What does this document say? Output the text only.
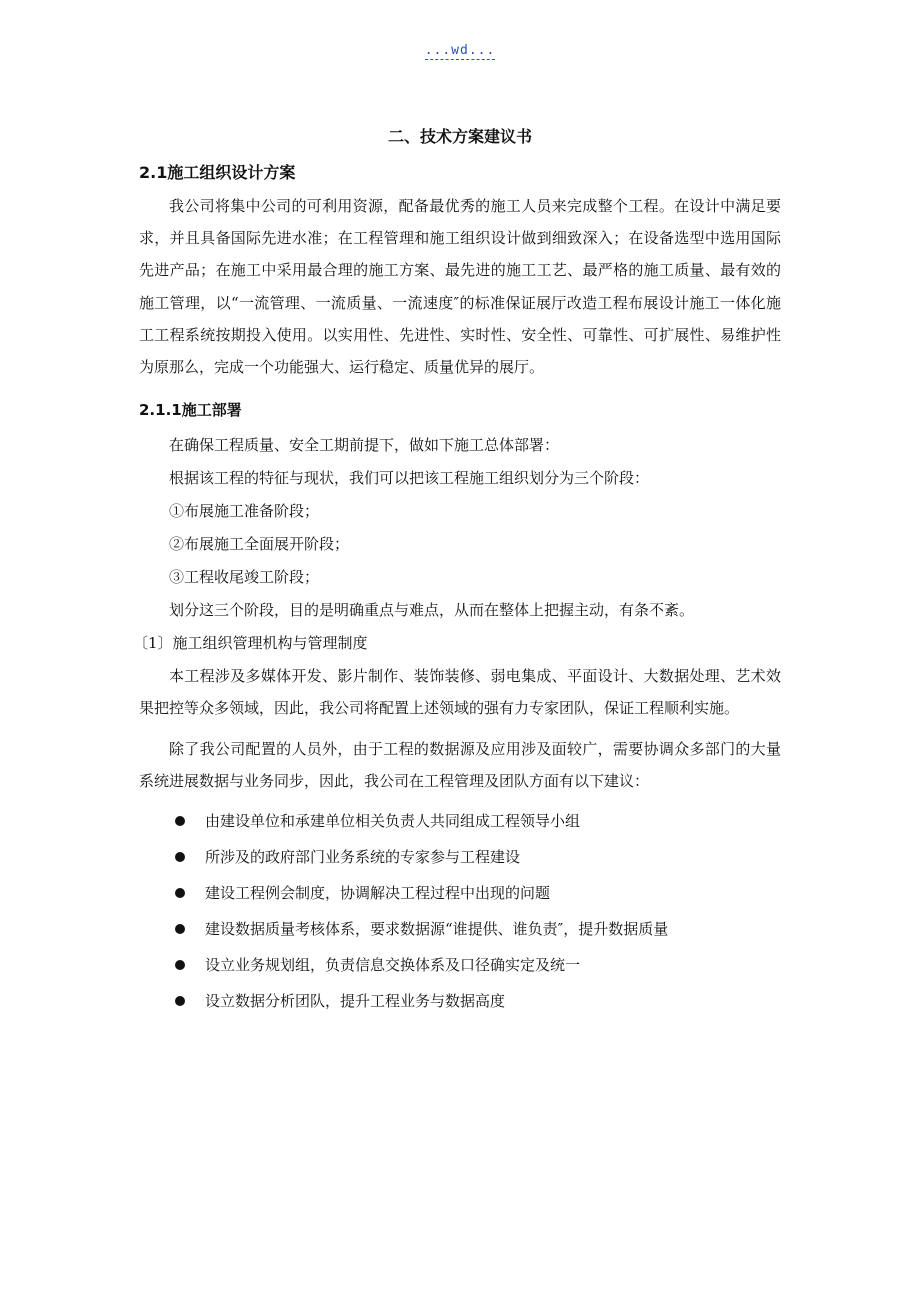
...wd...
二、技术方案建议书
2.1施工组织设计方案

我公司将集中公司的可利用资源，配备最优秀的施工人员来完成整个工程。在设计中满足要求，并且具备国际先进水准；在工程管理和施工组织设计做到细致深入；在设备选型中选用国际先进产品；在施工中采用最合理的施工方案、最先进的施工工艺、最严格的施工质量、最有效的施工管理，以“一流管理、一流质量、一流速度″的标准保证展厅改造工程布展设计施工一体化施工工程系统按期投入使用。以实用性、先进性、实时性、安全性、可靠性、可扩展性、易维护性为原那么，完成一个功能强大、运行稳定、质量优异的展厅。

2.1.1施工部署
在确保工程质量、安全工期前提下，做如下施工总体部署：
根据该工程的特征与现状，我们可以把该工程施工组织划分为三个阶段：
①布展施工准备阶段；
②布展施工全面展开阶段；
③工程收尾竣工阶段；
划分这三个阶段，目的是明确重点与难点，从而在整体上把握主动，有条不紊。
〔1〕施工组织管理机构与管理制度

本工程涉及多媒体开发、影片制作、装饰装修、弱电集成、平面设计、大数据处理、艺术效果把控等众多领域，因此，我公司将配置上述领域的强有力专家团队，保证工程顺利实施。

除了我公司配置的人员外，由于工程的数据源及应用涉及面较广，需要协调众多部门的大量系统进展数据与业务同步，因此，我公司在工程管理及团队方面有以下建议：

由建设单位和承建单位相关负责人共同组成工程领导小组
所涉及的政府部门业务系统的专家参与工程建设
建设工程例会制度，协调解决工程过程中出现的问题
建设数据质量考核体系，要求数据源“谁提供、谁负责″，提升数据质量
设立业务规划组，负责信息交换体系及口径确实定及统一
设立数据分析团队，提升工程业务与数据高度
